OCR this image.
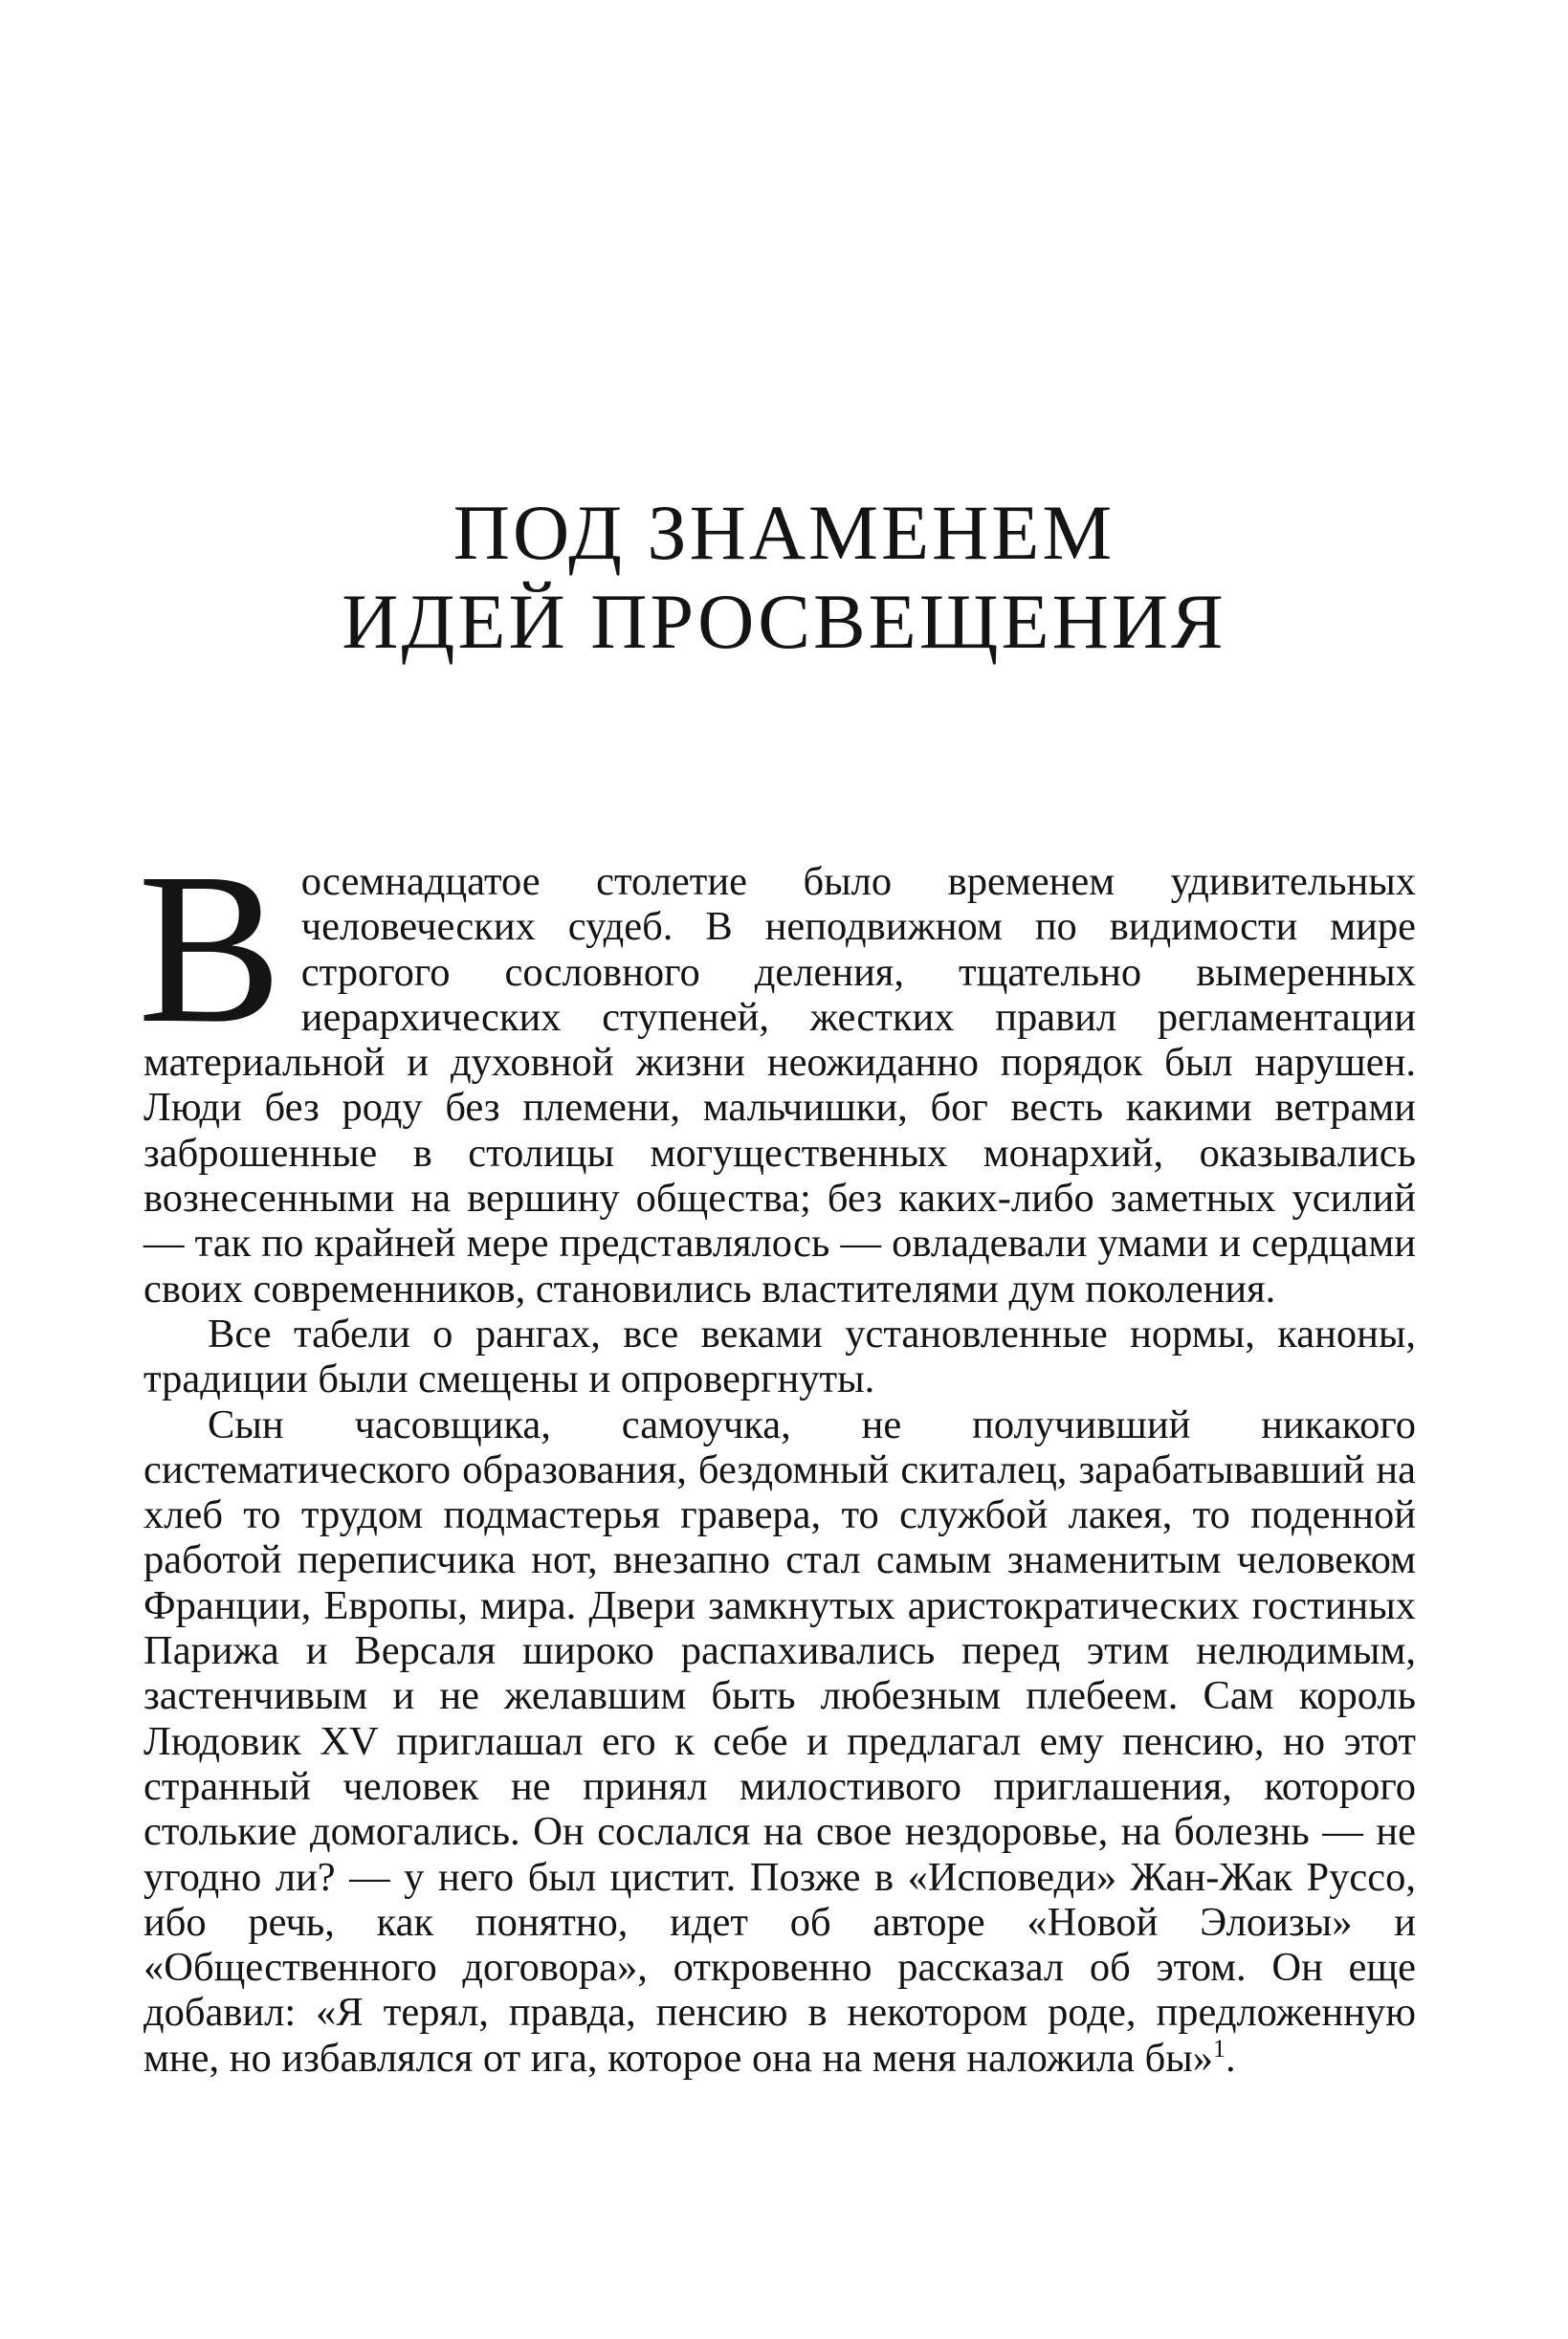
ПОД ЗНАМЕНЕМ
ИДЕЙ ПРОСВЕЩЕНИЯ

Восемнадцатое столетие было временем удивительных человеческих судеб. В неподвижном по видимости мире строгого сословного деления, тщательно вымеренных иерархических ступеней, жестких правил регламентации материальной и духовной жизни неожиданно порядок был нарушен. Люди без роду без племени, мальчишки, бог весть какими ветрами заброшенные в столицы могущественных монархий, оказывались вознесенными на вершину общества; без каких-либо заметных усилий — так по крайней мере представлялось — овладевали умами и сердцами своих современников, становились властителями дум поколения.

Все табели о рангах, все веками установленные нормы, каноны, традиции были смещены и опровергнуты.

Сын часовщика, самоучка, не получивший никакого систематического образования, бездомный скиталец, зарабатывавший на хлеб то трудом подмастерья гравера, то службой лакея, то поденной работой переписчика нот, внезапно стал самым знаменитым человеком Франции, Европы, мира. Двери замкнутых аристократических гостиных Парижа и Версаля широко распахивались перед этим нелюдимым, застенчивым и не желавшим быть любезным плебеем. Сам король Людовик XV приглашал его к себе и предлагал ему пенсию, но этот странный человек не принял милостивого приглашения, которого столькие домогались. Он сослался на свое нездоровье, на болезнь — не угодно ли? — у него был цистит. Позже в «Исповеди» Жан-Жак Руссо, ибо речь, как понятно, идет об авторе «Новой Элоизы» и «Общественного договора», откровенно рассказал об этом. Он еще добавил: «Я терял, правда, пенсию в некотором роде, предложенную мне, но избавлялся от ига, которое она на меня наложила бы»$^1$.
